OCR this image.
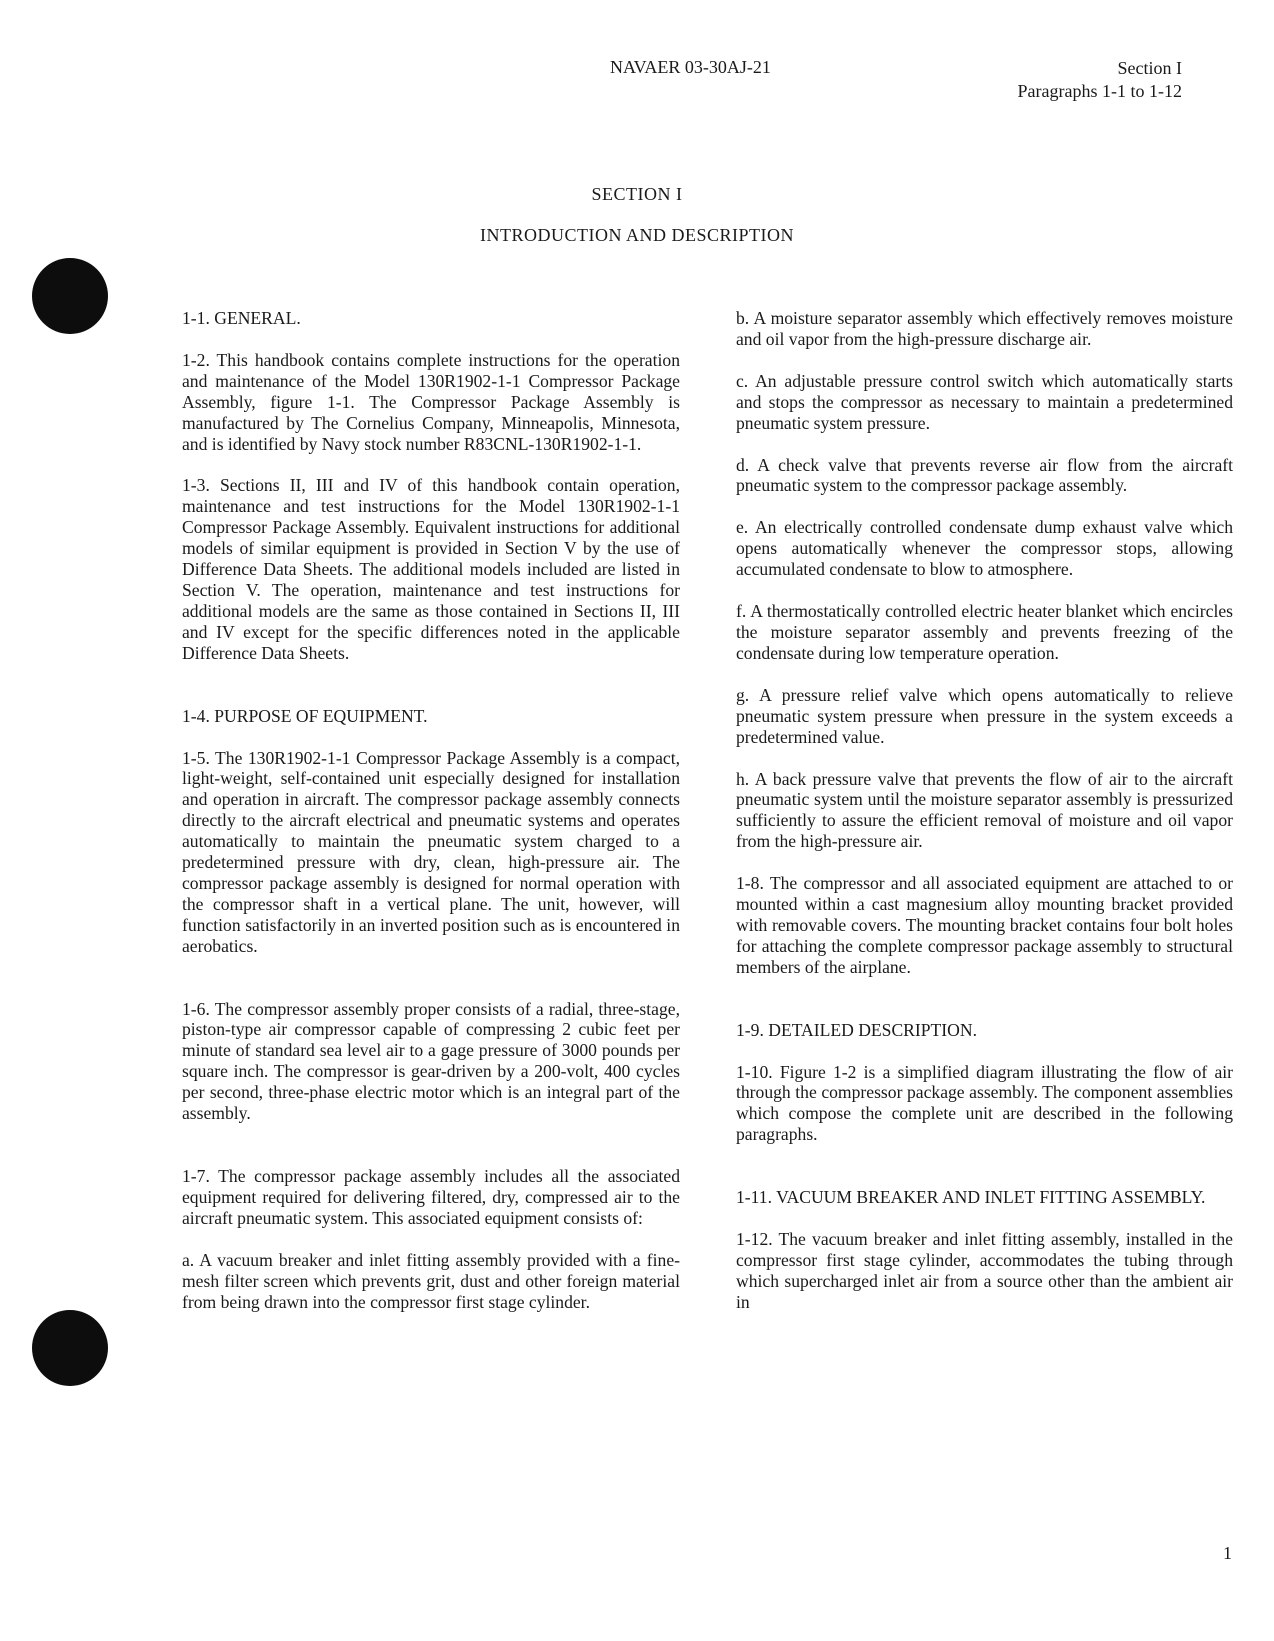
NAVAER 03-30AJ-21	Section I
Paragraphs 1-1 to 1-12
SECTION I
INTRODUCTION AND DESCRIPTION
1-1. GENERAL.

1-2. This handbook contains complete instructions for the operation and maintenance of the Model 130R1902-1-1 Compressor Package Assembly, figure 1-1. The Compressor Package Assembly is manufactured by The Cornelius Company, Minneapolis, Minnesota, and is identified by Navy stock number R83CNL-130R1902-1-1.

1-3. Sections II, III and IV of this handbook contain operation, maintenance and test instructions for the Model 130R1902-1-1 Compressor Package Assembly. Equivalent instructions for additional models of similar equipment is provided in Section V by the use of Difference Data Sheets. The additional models included are listed in Section V. The operation, maintenance and test instructions for additional models are the same as those contained in Sections II, III and IV except for the specific differences noted in the applicable Difference Data Sheets.

1-4. PURPOSE OF EQUIPMENT.

1-5. The 130R1902-1-1 Compressor Package Assembly is a compact, light-weight, self-contained unit especially designed for installation and operation in aircraft. The compressor package assembly connects directly to the aircraft electrical and pneumatic systems and operates automatically to maintain the pneumatic system charged to a predetermined pressure with dry, clean, high-pressure air. The compressor package assembly is designed for normal operation with the compressor shaft in a vertical plane. The unit, however, will function satisfactorily in an inverted position such as is encountered in aerobatics.

1-6. The compressor assembly proper consists of a radial, three-stage, piston-type air compressor capable of compressing 2 cubic feet per minute of standard sea level air to a gage pressure of 3000 pounds per square inch. The compressor is gear-driven by a 200-volt, 400 cycles per second, three-phase electric motor which is an integral part of the assembly.

1-7. The compressor package assembly includes all the associated equipment required for delivering filtered, dry, compressed air to the aircraft pneumatic system. This associated equipment consists of:

a. A vacuum breaker and inlet fitting assembly provided with a fine-mesh filter screen which prevents grit, dust and other foreign material from being drawn into the compressor first stage cylinder.

b. A moisture separator assembly which effectively removes moisture and oil vapor from the high-pressure discharge air.

c. An adjustable pressure control switch which automatically starts and stops the compressor as necessary to maintain a predetermined pneumatic system pressure.

d. A check valve that prevents reverse air flow from the aircraft pneumatic system to the compressor package assembly.

e. An electrically controlled condensate dump exhaust valve which opens automatically whenever the compressor stops, allowing accumulated condensate to blow to atmosphere.

f. A thermostatically controlled electric heater blanket which encircles the moisture separator assembly and prevents freezing of the condensate during low temperature operation.

g. A pressure relief valve which opens automatically to relieve pneumatic system pressure when pressure in the system exceeds a predetermined value.

h. A back pressure valve that prevents the flow of air to the aircraft pneumatic system until the moisture separator assembly is pressurized sufficiently to assure the efficient removal of moisture and oil vapor from the high-pressure air.

1-8. The compressor and all associated equipment are attached to or mounted within a cast magnesium alloy mounting bracket provided with removable covers. The mounting bracket contains four bolt holes for attaching the complete compressor package assembly to structural members of the airplane.

1-9. DETAILED DESCRIPTION.

1-10. Figure 1-2 is a simplified diagram illustrating the flow of air through the compressor package assembly. The component assemblies which compose the complete unit are described in the following paragraphs.

1-11. VACUUM BREAKER AND INLET FITTING ASSEMBLY.

1-12. The vacuum breaker and inlet fitting assembly, installed in the compressor first stage cylinder, accommodates the tubing through which supercharged inlet air from a source other than the ambient air in

1
